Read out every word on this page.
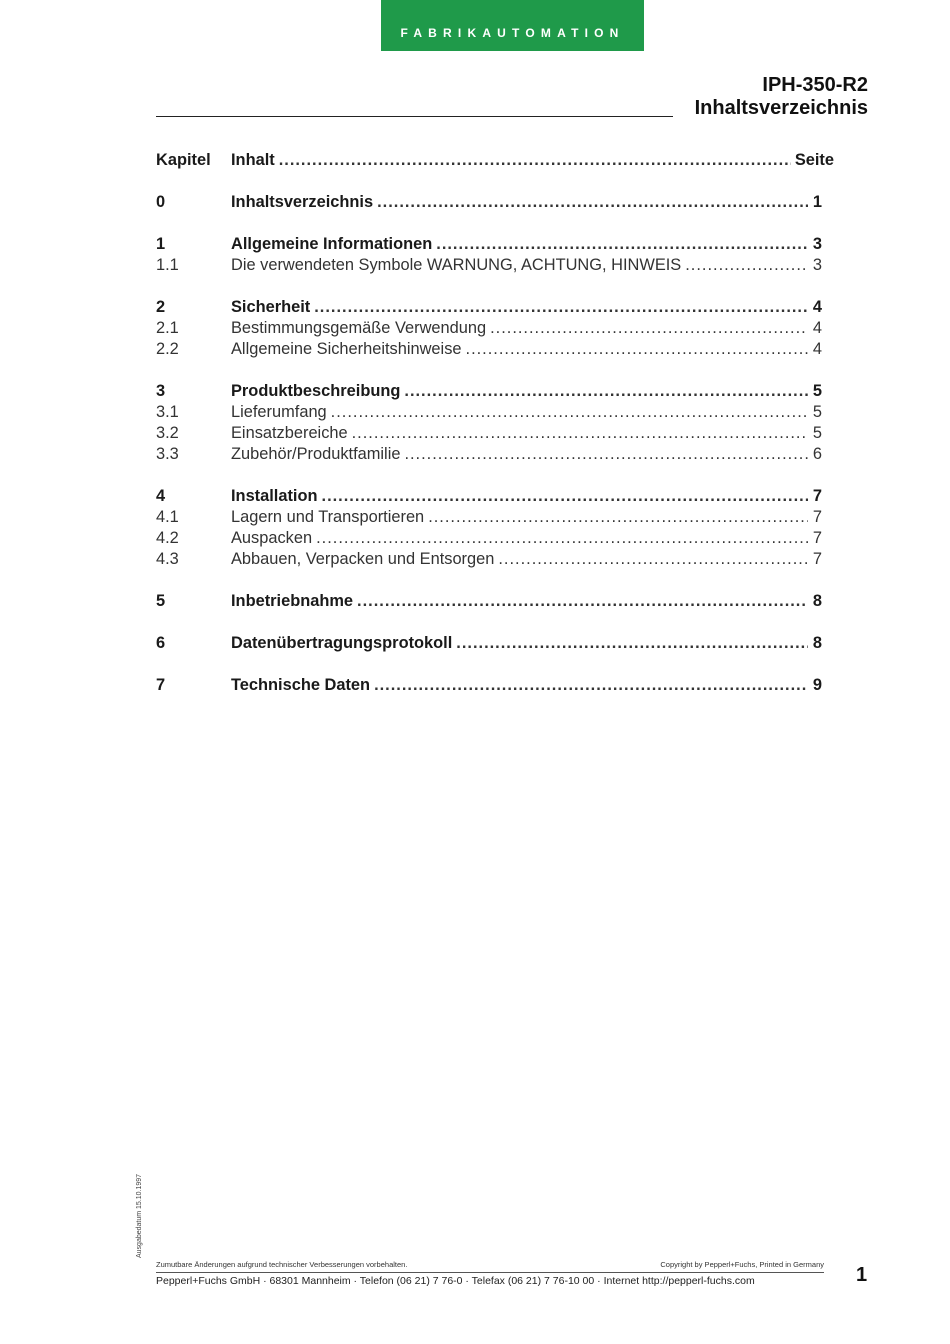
FABRIKAUTOMATION
IPH-350-R2
Inhaltsverzeichnis
Kapitel	Inhalt .....	Seite
0	Inhaltsverzeichnis .....	1
1	Allgemeine Informationen .....	3
1.1	Die verwendeten Symbole WARNUNG, ACHTUNG, HINWEIS .....	3
2	Sicherheit .....	4
2.1	Bestimmungsgemäße Verwendung .....	4
2.2	Allgemeine Sicherheitshinweise .....	4
3	Produktbeschreibung .....	5
3.1	Lieferumfang .....	5
3.2	Einsatzbereiche .....	5
3.3	Zubehör/Produktfamilie .....	6
4	Installation .....	7
4.1	Lagern und Transportieren .....	7
4.2	Auspacken .....	7
4.3	Abbauen, Verpacken und Entsorgen .....	7
5	Inbetriebnahme .....	8
6	Datenübertragungsprotokoll .....	8
7	Technische Daten .....	9
Ausgabedatum 15.10.1997
Zumutbare Änderungen aufgrund technischer Verbesserungen vorbehalten.	Copyright by Pepperl+Fuchs, Printed in Germany
Pepperl+Fuchs GmbH · 68301 Mannheim · Telefon (06 21) 7 76-0 · Telefax (06 21) 7 76-10 00 · Internet http://pepperl-fuchs.com	1
